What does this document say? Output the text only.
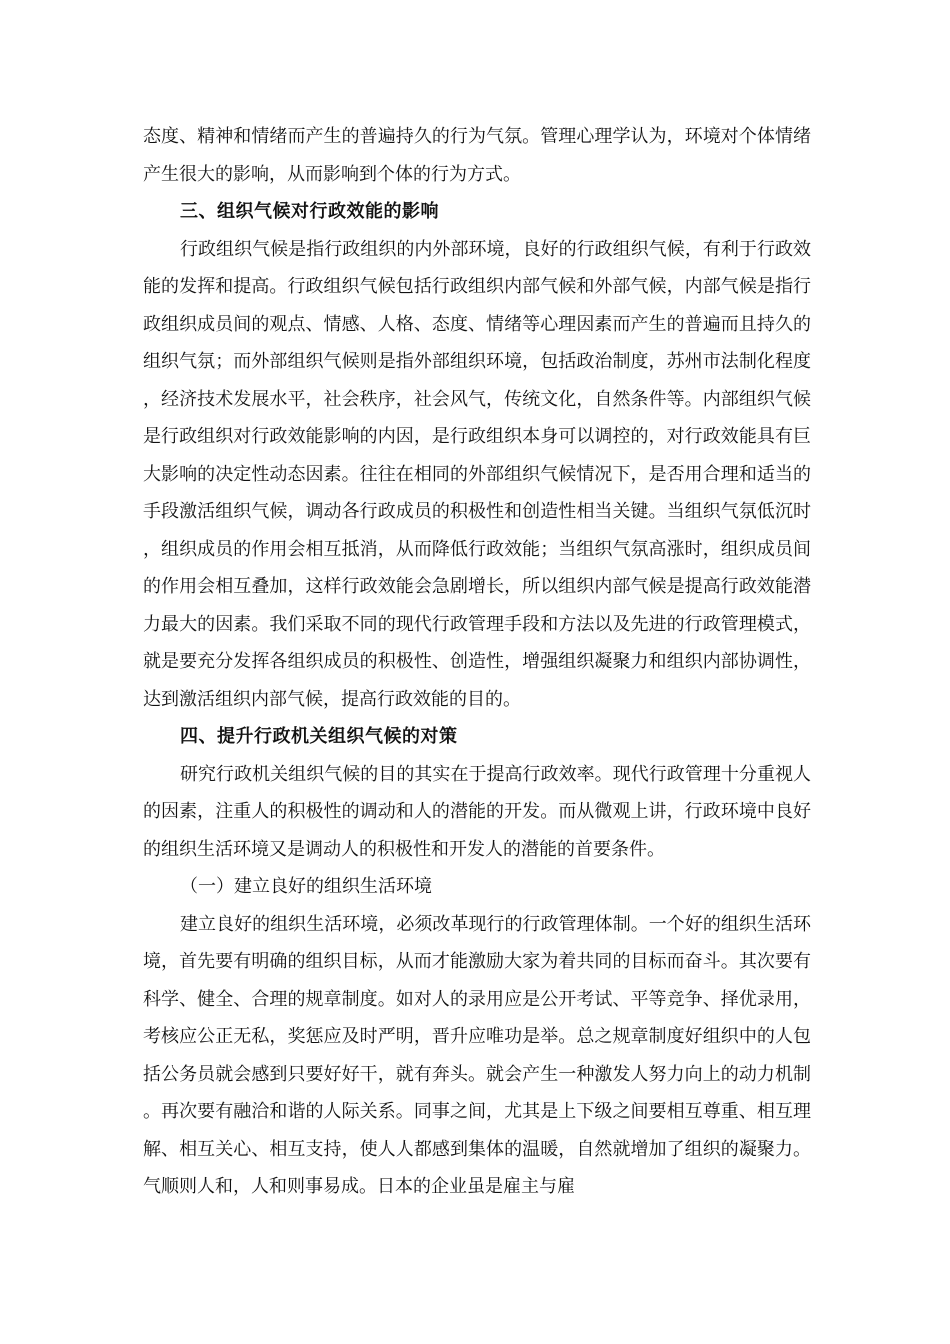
态度、精神和情绪而产生的普遍持久的行为气氛。管理心理学认为，环境对个体情绪产生很大的影响，从而影响到个体的行为方式。

三、组织气候对行政效能的影响

行政组织气候是指行政组织的内外部环境，良好的行政组织气候，有利于行政效能的发挥和提高。行政组织气候包括行政组织内部气候和外部气候，内部气候是指行政组织成员间的观点、情感、人格、态度、情绪等心理因素而产生的普遍而且持久的组织气氛；而外部组织气候则是指外部组织环境，包括政治制度，苏州市法制化程度，经济技术发展水平，社会秩序，社会风气，传统文化，自然条件等。内部组织气候是行政组织对行政效能影响的内因，是行政组织本身可以调控的，对行政效能具有巨大影响的决定性动态因素。往往在相同的外部组织气候情况下，是否用合理和适当的手段激活组织气候，调动各行政成员的积极性和创造性相当关键。当组织气氛低沉时，组织成员的作用会相互抵消，从而降低行政效能；当组织气氛高涨时，组织成员间的作用会相互叠加，这样行政效能会急剧增长，所以组织内部气候是提高行政效能潜力最大的因素。我们采取不同的现代行政管理手段和方法以及先进的行政管理模式，就是要充分发挥各组织成员的积极性、创造性，增强组织凝聚力和组织内部协调性，达到激活组织内部气候，提高行政效能的目的。

四、提升行政机关组织气候的对策

研究行政机关组织气候的目的其实在于提高行政效率。现代行政管理十分重视人的因素，注重人的积极性的调动和人的潜能的开发。而从微观上讲，行政环境中良好的组织生活环境又是调动人的积极性和开发人的潜能的首要条件。

（一）建立良好的组织生活环境

建立良好的组织生活环境，必须改革现行的行政管理体制。一个好的组织生活环境，首先要有明确的组织目标，从而才能激励大家为着共同的目标而奋斗。其次要有科学、健全、合理的规章制度。如对人的录用应是公开考试、平等竞争、择优录用，考核应公正无私，奖惩应及时严明，晋升应唯功是举。总之规章制度好组织中的人包括公务员就会感到只要好好干，就有奔头。就会产生一种激发人努力向上的动力机制。再次要有融洽和谐的人际关系。同事之间，尤其是上下级之间要相互尊重、相互理解、相互关心、相互支持，使人人都感到集体的温暖，自然就增加了组织的凝聚力。气顺则人和，人和则事易成。日本的企业虽是雇主与雇
